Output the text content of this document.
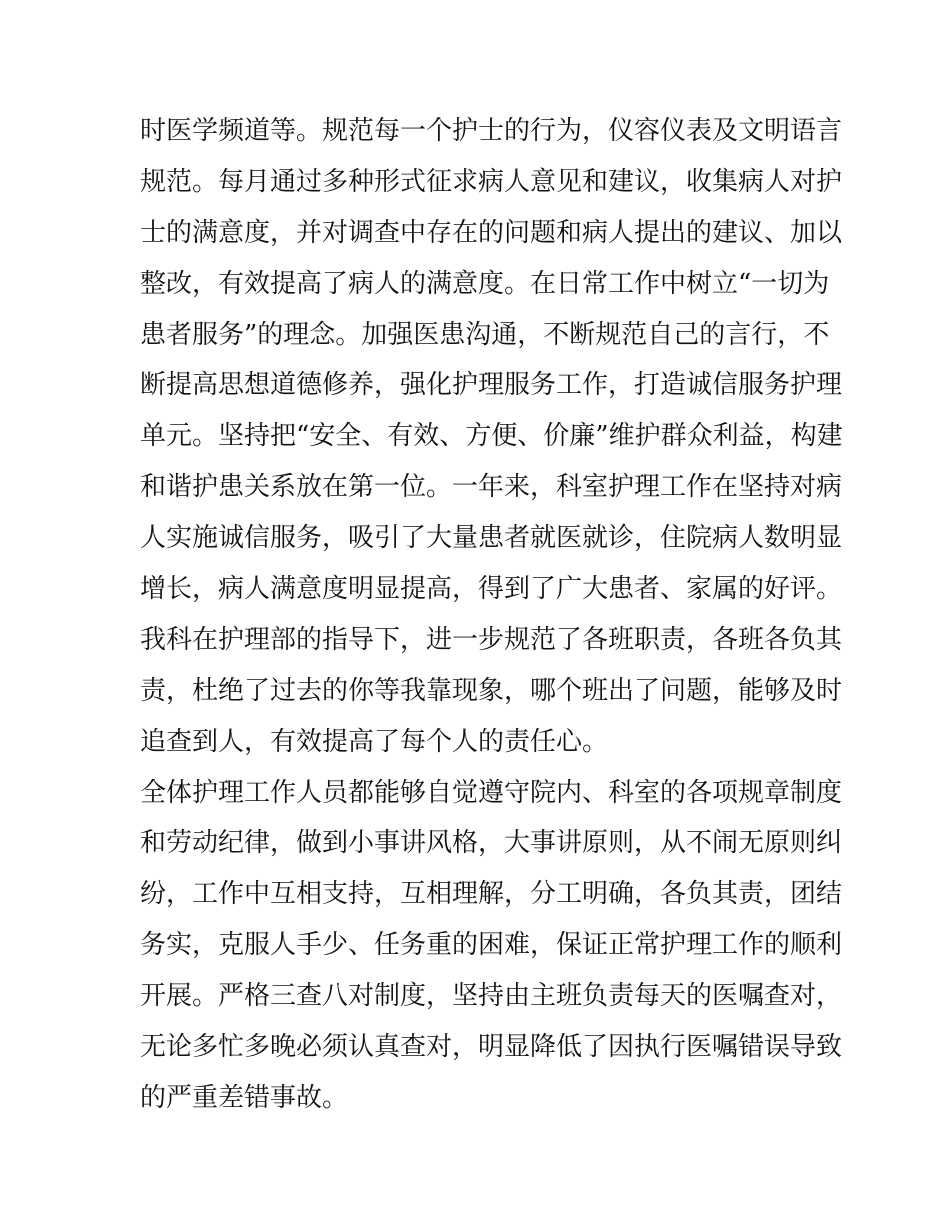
时医学频道等。规范每一个护士的行为，仪容仪表及文明语言
规范。每月通过多种形式征求病人意见和建议，收集病人对护
士的满意度，并对调查中存在的问题和病人提出的建议、加以
整改，有效提高了病人的满意度。在日常工作中树立“一切为
患者服务”的理念。加强医患沟通，不断规范自己的言行，不
断提高思想道德修养，强化护理服务工作，打造诚信服务护理
单元。坚持把“安全、有效、方便、价廉”维护群众利益，构建
和谐护患关系放在第一位。一年来，科室护理工作在坚持对病
人实施诚信服务，吸引了大量患者就医就诊，住院病人数明显
增长，病人满意度明显提高，得到了广大患者、家属的好评。
我科在护理部的指导下，进一步规范了各班职责，各班各负其
责，杜绝了过去的你等我靠现象，哪个班出了问题，能够及时
追查到人，有效提高了每个人的责任心。
全体护理工作人员都能够自觉遵守院内、科室的各项规章制度
和劳动纪律，做到小事讲风格，大事讲原则，从不闹无原则纠
纷，工作中互相支持，互相理解，分工明确，各负其责，团结
务实，克服人手少、任务重的困难，保证正常护理工作的顺利
开展。严格三查八对制度，坚持由主班负责每天的医嘱查对，
无论多忙多晚必须认真查对，明显降低了因执行医嘱错误导致
的严重差错事故。
